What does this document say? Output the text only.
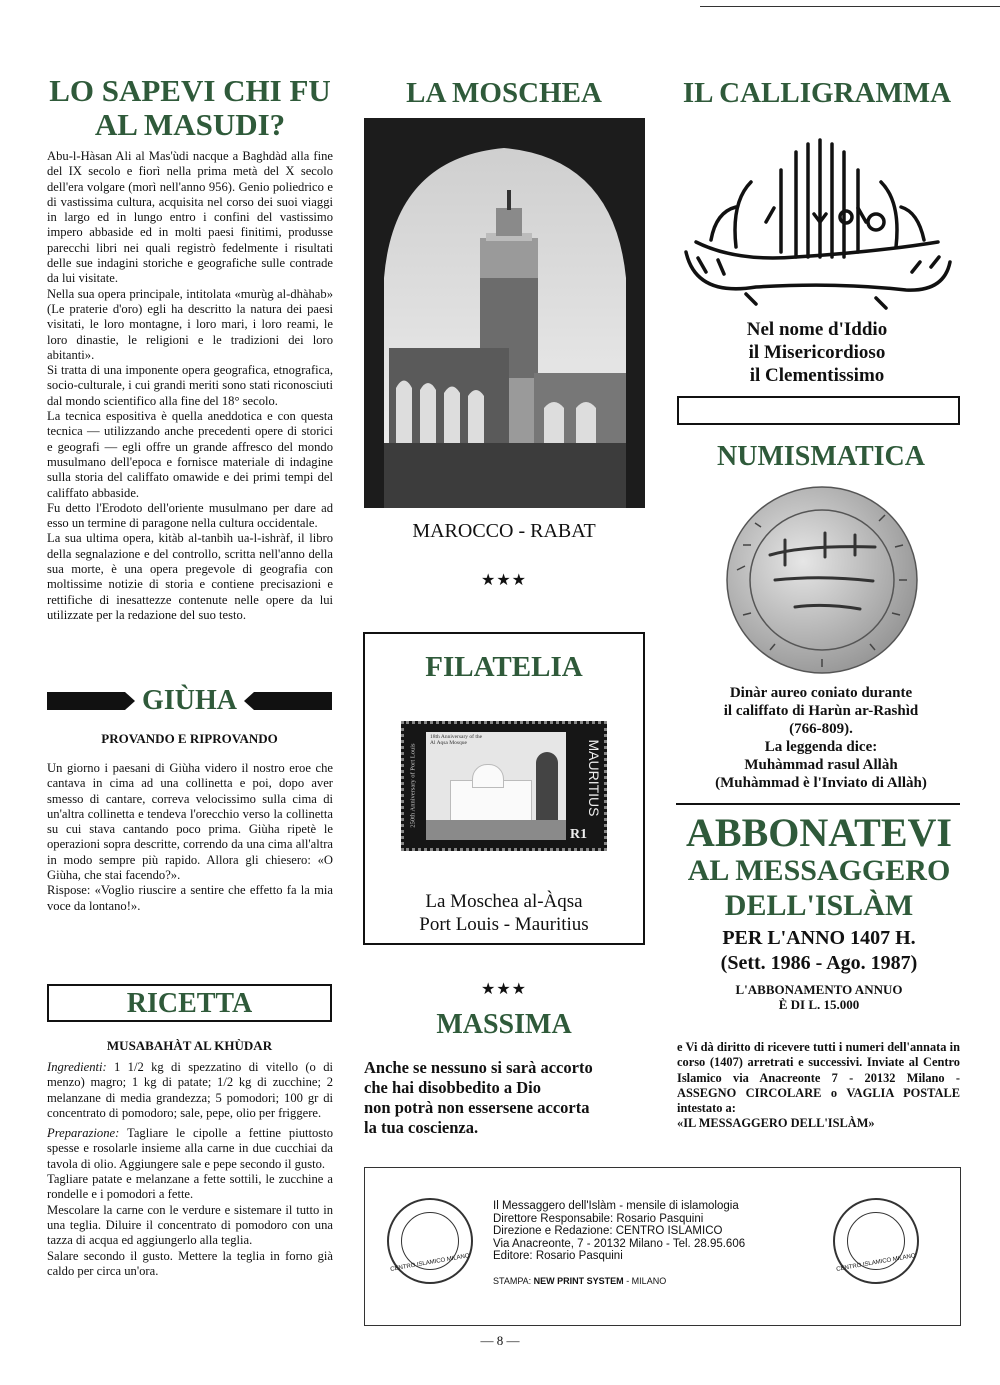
LO SAPEVI CHI FU
AL MASUDI?

Abu-l-Hàsan Ali al Mas'ùdi nacque a Baghdàd alla fine del IX secolo e fiorì nella prima metà del X secolo dell'era volgare (morì nell'anno 956). Genio poliedrico e di vastissima cultura, acquisita nel corso dei suoi viaggi in largo ed in lungo entro i confini del vastissimo impero abbaside ed in molti paesi finitimi, produsse parecchi libri nei quali registrò fedelmente i risultati delle sue indagini storiche e geografiche sulle contrade da lui visitate.

Nella sua opera principale, intitolata «murùg al-dhàhab» (Le praterie d'oro) egli ha descritto la natura dei paesi visitati, le loro montagne, i loro mari, i loro reami, le loro dinastie, le religioni e le tradizioni dei loro abitanti».

Si tratta di una imponente opera geografica, etnografica, socio-culturale, i cui grandi meriti sono stati riconosciuti dal mondo scientifico alla fine del 18° secolo.

La tecnica espositiva è quella aneddotica e con questa tecnica — utilizzando anche precedenti opere di storici e geografi — egli offre un grande affresco del mondo musulmano dell'epoca e fornisce materiale di indagine sulla storia del califfato omawide e dei primi tempi del califfato abbaside.

Fu detto l'Erodoto dell'oriente musulmano per dare ad esso un termine di paragone nella cultura occidentale.

La sua ultima opera, kitàb al-tanbìh ua-l-ishràf, il libro della segnalazione e del controllo, scritta nell'anno della sua morte, è una opera pregevole di geografia con moltissime notizie di storia e contiene precisazioni e rettifiche di inesattezze contenute nelle opere da lui utilizzate per la redazione del suo testo.

GIÙHA
PROVANDO E RIPROVANDO

Un giorno i paesani di Giùha videro il nostro eroe che cantava in cima ad una collinetta e poi, dopo aver smesso di cantare, correva velocissimo sulla cima di un'altra collinetta e tendeva l'orecchio verso la collinetta su cui stava cantando poco prima. Giùha ripetè le operazioni sopra descritte, correndo da una cima all'altra in modo sempre più rapido. Allora gli chiesero: «O Giùha, che stai facendo?».

Rispose: «Voglio riuscire a sentire che effetto fa la mia voce da lontano!».

RICETTA
MUSABAHÀT AL KHÙDAR

Ingredienti: 1 1/2 kg di spezzatino di vitello (o di menzo) magro; 1 kg di patate; 1/2 kg di zucchine; 2 melanzane di media grandezza; 5 pomodori; 100 gr di concentrato di pomodoro; sale, pepe, olio per friggere.

Preparazione: Tagliare le cipolle a fettine piuttosto spesse e rosolarle insieme alla carne in due cucchiai da tavola di olio. Aggiungere sale e pepe secondo il gusto.

Tagliare patate e melanzane a fette sottili, le zucchine a rondelle e i pomodori a fette.

Mescolare la carne con le verdure e sistemare il tutto in una teglia. Diluire il concentrato di pomodoro con una tazza di acqua ed aggiungerlo alla teglia.

Salare secondo il gusto. Mettere la teglia in forno già caldo per circa un'ora.

LA MOSCHEA
MAROCCO - RABAT
★★★
FILATELIA
18th Anniversary of the
Al Aqsa Mosque
250th Anniversary of Port Louis	MAURITIUS
R1
La Moschea al-Àqsa
Port Louis - Mauritius
★★★
MASSIMA
Anche se nessuno si sarà accorto
che hai disobbedito a Dio
non potrà non essersene accorta
la tua coscienza.
IL CALLIGRAMMA
Nel nome d'Iddio
il Misericordioso
il Clementissimo
NUMISMATICA
Dinàr aureo coniato durante
il califfato di Harùn ar-Rashìd
(766-809).
La leggenda dice:
Muhàmmad rasul Allàh
(Muhàmmad è l'Inviato di Allàh)
ABBONATEVI
AL MESSAGGERO
DELL'ISLÀM
PER L'ANNO 1407 H.
(Sett. 1986 - Ago. 1987)
L'ABBONAMENTO ANNUO
È DI L. 15.000
e Vi dà diritto di ricevere tutti i numeri dell'annata in corso (1407) arretrati e successivi. Inviate al Centro Islamico via Anacreonte 7 - 20132 Milano - ASSEGNO CIRCOLARE o VAGLIA POSTALE intestato a:
«IL MESSAGGERO DELL'ISLÀM»
CENTRO ISLAMICO MILANO
Il Messaggero dell'Islàm - mensile di islamologia
Direttore Responsabile: Rosario Pasquini
Direzione e Redazione: CENTRO ISLAMICO
Via Anacreonte, 7 - 20132 Milano - Tel. 28.95.606
Editore: Rosario Pasquini
STAMPA: NEW PRINT SYSTEM - MILANO
CENTRO ISLAMICO MILANO
— 8 —
